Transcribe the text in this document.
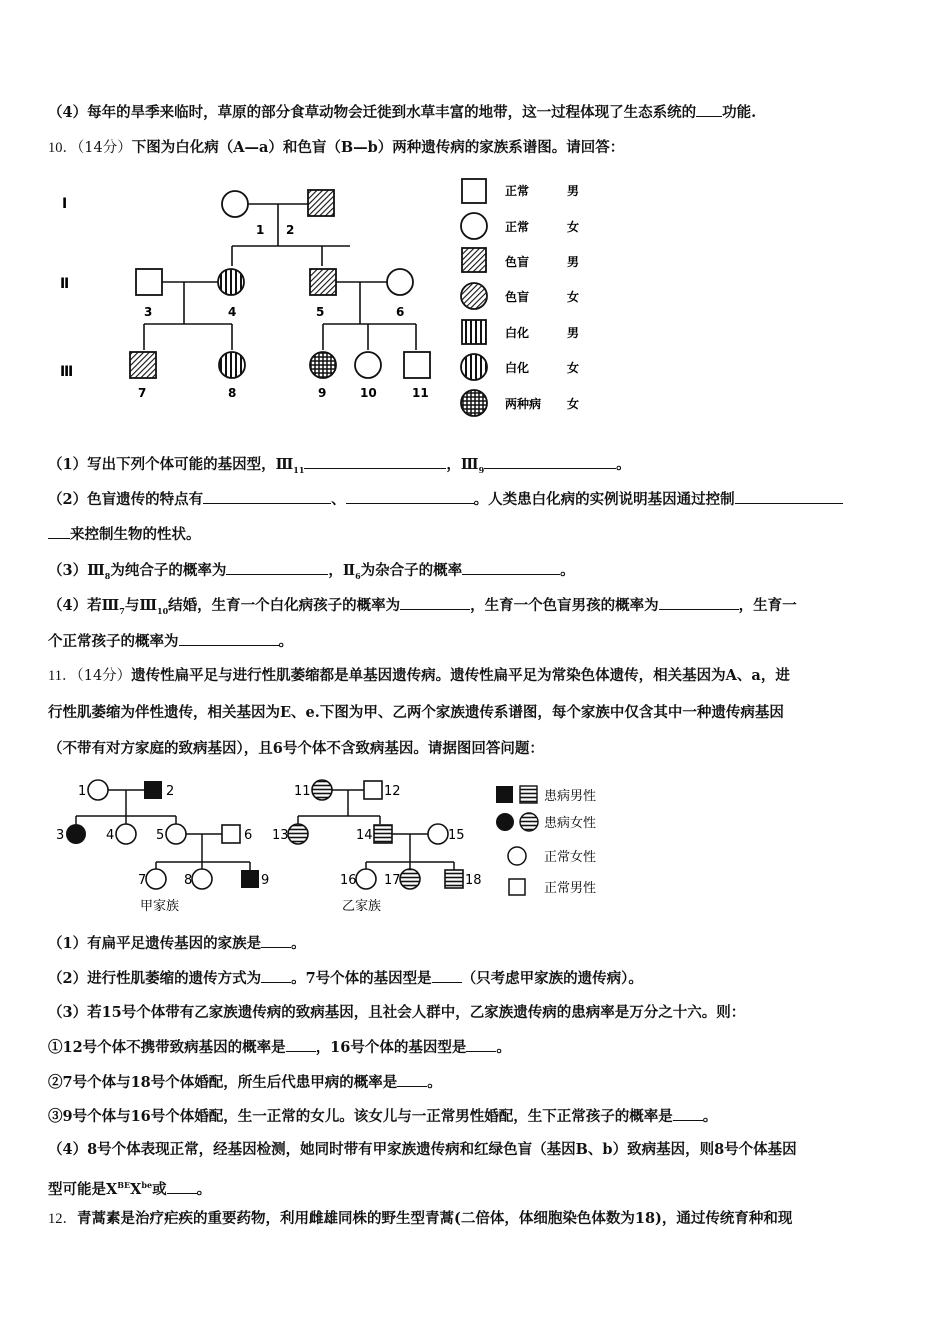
（4）每年的旱季来临时，草原的部分食草动物会迁徙到水草丰富的地带，这一过程体现了生态系统的 功能.
10．（14分）下图为白化病（A—a）和色盲（B—b）两种遗传病的家族系谱图。请回答：
I
Ⅱ
Ⅲ
1 2
3	4	5	6
7	8	9	10	11
正常	男
正常	女
色盲	男
色盲	女
白化	男
白化	女
两种病 女
（1）写出下列个体可能的基因型，$Ⅲ_{11}$	，$Ⅲ_9$	。
（2）色盲遗传的特点有	、	。人类患白化病的实例说明基因通过控制
来控制生物的性状。
$(3)Ⅲ_8$为纯合子的概率为	，$Ⅱ_6$为杂合子的概率	。
（4）若$Ⅲ_7$与$Ⅲ_{10}$结婚，生育一个白化病孩子的概率为	，生育一个色盲男孩的概率为	，生育一
个正常孩子的概率为	。
11．（14分）遗传性扁平足与进行性肌萎缩都是单基因遗传病。遗传性扁平足为常染色体遗传，相关基因为A、a，进
行性肌萎缩为伴性遗传，相关基因为E、e.下图为甲、乙两个家族遗传系谱图，每个家族中仅含其中一种遗传病基因
（不带有对方家庭的致病基因），且6号个体不含致病基因。请据图回答问题：
1	2
3	4	5	6
7	8	9
甲家族
11	12
13	14	15
16 17	18
乙家族
患病男性
患病女性
正常女性
正常男性
（1）有扁平足遗传基因的家族是 。
（2）进行性肌萎缩的遗传方式为 。7号个体的基因型是 （只考虑甲家族的遗传病）。
（3）若15号个体带有乙家族遗传病的致病基因，且社会人群中，乙家族遗传病的患病率是万分之十六。则：
①12号个体不携带致病基因的概率是 ，16号个体的基因型是 。
②7号个体与18号个体婚配，所生后代患甲病的概率是 。
③9号个体与16号个体婚配，生一正常的女儿。该女儿与一正常男性婚配，生下正常孩子的概率是 。
（4）8号个体表现正常，经基因检测，她同时带有甲家族遗传病和红绿色盲（基因B、b）致病基因，则8号个体基因
型可能是$X^{BE}X^{be}$或 。
12．青蒿素是治疗疟疾的重要药物，利用雌雄同株的野生型青蒿(二倍体，体细胞染色体数为18)，通过传统育种和现
